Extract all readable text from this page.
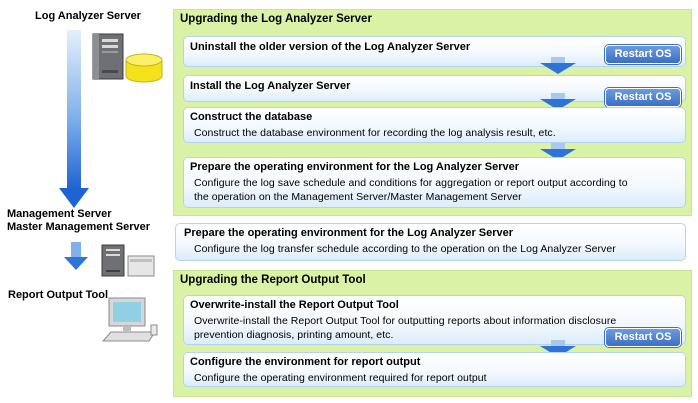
Log Analyzer Server
Management Server
Master Management Server
Report Output Tool
Upgrading the Log Analyzer Server
Uninstall the older version of the Log Analyzer Server
Restart OS
Install the Log Analyzer Server
Restart OS
Construct the database
Construct the database environment for recording the log analysis result, etc.
Prepare the operating environment for the Log Analyzer Server
Configure the log save schedule and conditions for aggregation or report output according to
the operation on the Management Server/Master Management Server
Prepare the operating environment for the Log Analyzer Server
Configure the log transfer schedule according to the operation on the Log Analyzer Server
Upgrading the Report Output Tool
Overwrite-install the Report Output Tool
Overwrite-install the Report Output Tool for outputting reports about information disclosure
prevention diagnosis, printing amount, etc.	Restart OS
Configure the environment for report output
Configure the operating environment required for report output
